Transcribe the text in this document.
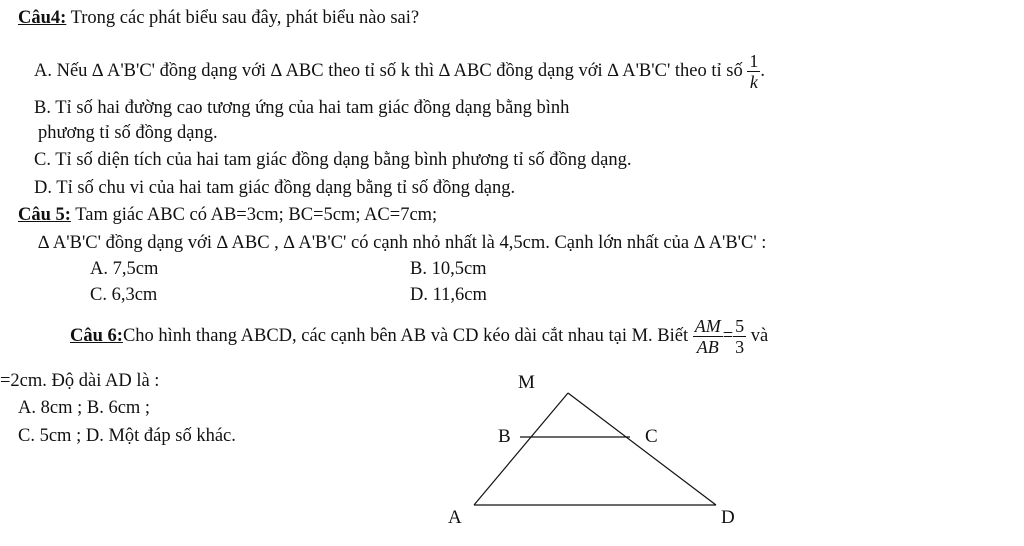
Câu4: Trong các phát biểu sau đây, phát biểu nào sai?
A. Nếu ∆ A'B'C' đồng dạng với ∆ ABC theo tỉ số k thì ∆ ABC đồng dạng với ∆ A'B'C' theo tỉ số $\frac{1}{k}$ .
B. Tỉ số hai đường cao tương ứng của hai tam giác đồng dạng bằng bình
phương tỉ số đồng dạng.
C. Tỉ số diện tích của hai tam giác đồng dạng bằng bình phương tỉ số đồng dạng.
D. Tỉ số chu vi của hai tam giác đồng dạng bằng tỉ số đồng dạng.
Câu 5: Tam giác ABC có AB=3cm; BC=5cm; AC=7cm;
∆ A'B'C' đồng dạng với ∆ ABC , ∆ A'B'C' có cạnh nhỏ nhất là 4,5cm. Cạnh lớn nhất của ∆ A'B'C' :
A. 7,5cm	B. 10,5cm
C. 6,3cm	D. 11,6cm
Câu 6:Cho hình thang ABCD, các cạnh bên AB và CD kéo dài cắt nhau tại M. Biết $\frac{AM}{AB} = \frac{5}{3}$ và
=2cm. Độ dài AD là :
A. 8cm ; B. 6cm ;
C. 5cm ; D. Một đáp số khác.
M
B	C
A	D
